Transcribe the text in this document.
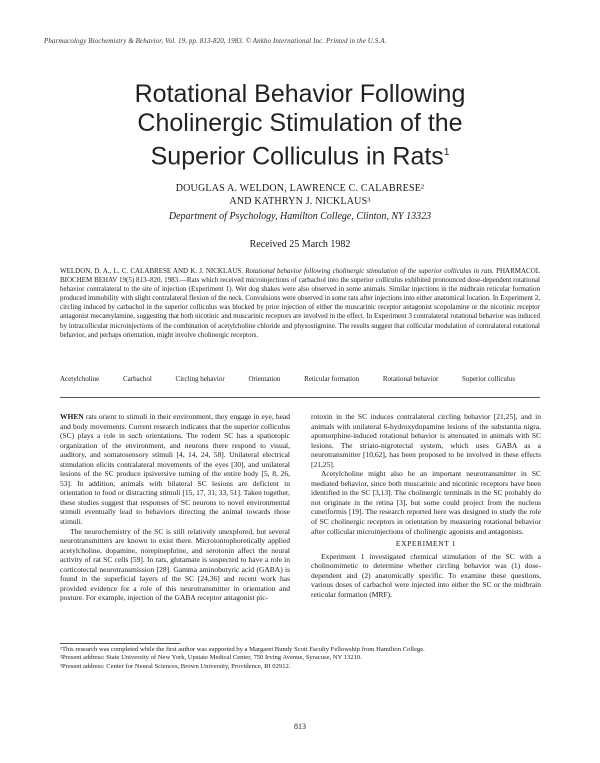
Pharmacology Biochemistry & Behavior, Vol. 19, pp. 813-820, 1983. © Ankho International Inc. Printed in the U.S.A.
Rotational Behavior Following
Cholinergic Stimulation of the
Superior Colliculus in Rats$^1$
DOUGLAS A. WELDON, LAWRENCE C. CALABRESE²
AND KATHRYN J. NICKLAUS³
Department of Psychology, Hamilton College, Clinton, NY 13323
Received 25 March 1982
WELDON, D. A., L. C. CALABRESE AND K. J. NICKLAUS. Rotational behavior following cholinergic stimulation of the superior colliculus in rats. PHARMACOL BIOCHEM BEHAV 19(5) 813–820, 1983.—Rats which received microinjections of carbachol into the superior colliculus exhibited pronounced dose-dependent rotational behavior contralateral to the site of injection (Experiment 1). Wet dog shakes were also observed in some animals. Similar injections in the midbrain reticular formation produced immobility with slight contralateral flexion of the neck. Convulsions were observed in some rats after injections into either anatomical location. In Experiment 2, circling induced by carbachol in the superior colliculus was blocked by prior injection of either the muscarinic receptor antagonist scopolamine or the nicotinic receptor antagonist mecamylamine, suggesting that both nicotinic and muscarinic receptors are involved in the effect. In Experiment 3 contralateral rotational behavior was induced by intracollicular microinjections of the combination of acetylcholine chloride and physostigmine. The results suggest that collicular modulation of contralateral rotational behavior, and perhaps orientation, might involve cholinergic receptors.
Acetylcholine	Carbachol	Circling behavior	Orientation	Reticular formation	Rotational behavior	Superior colliculus

WHEN rats orient to stimuli in their environment, they engage in eye, head and body movements. Current research indicates that the superior colliculus (SC) plays a role in such orientations. The rodent SC has a spatiotopic organization of the environment, and neurons there respond to visual, auditory, and somatosensory stimuli [4, 14, 24, 58]. Unilateral electrical stimulation elicits contralateral movements of the eyes [30], and unilateral lesions of the SC produce ipsiversive turning of the entire body [5, 8, 26, 53]. In addition, animals with bilateral SC lesions are deficient in orientation to food or distracting stimuli [15, 17, 31, 33, 51]. Taken together, these studies suggest that responses of SC neurons to novel environmental stimuli eventually lead to behaviors directing the animal towards those stimuli.

The neurochemistry of the SC is still relatively unexplored, but several neurotransmitters are known to exist there. Microiontophoretically applied acetylcholine, dopamine, norepinephrine, and serotonin affect the neural activity of rat SC cells [59]. In rats, glutamate is suspected to have a role in corticotectal neurotransmission [28]. Gamma aminobutyric acid (GABA) is found in the superficial layers of the SC [24,36] and recent work has provided evidence for a role of this neurotransmitter in orientation and posture. For example, injection of the GABA receptor antagonist pic-

rotoxin in the SC induces contralateral circling behavior [21,25], and in animals with unilateral 6-hydroxydopamine lesions of the substantia nigra, apomorphine-induced rotational behavior is attenuated in animals with SC lesions. The striato-nigrotectal system, which uses GABA as a neurotransmitter [10,62], has been proposed to be involved in these effects [21,25].

Acetylcholine might also be an important neurotransmitter in SC mediated behavior, since both muscarinic and nicotinic receptors have been identified in the SC [3,13]. The cholinergic terminals in the SC probably do not originate in the retina [3], but some could project from the nucleus cuneiformis [19]. The research reported here was designed to study the role of SC cholinergic receptors in orientation by measuring rotational behavior after collicular microinjections of cholinergic agonists and antagonists.

EXPERIMENT 1

Experiment 1 investigated chemical stimulation of the SC with a cholinomimetic to determine whether circling behavior was (1) dose-dependent and (2) anatomically specific. To examine these questions, various doses of carbachol were injected into either the SC or the midbrain reticular formation (MRF).

¹This research was completed while the first author was supported by a Margaret Bundy Scott Faculty Fellowship from Hamilton College.
²Present address: State University of New York, Upstate Medical Center, 750 Irving Avenue, Syracuse, NY 13210.
³Present address: Center for Neural Sciences, Brown University, Providence, RI 02912.
813
